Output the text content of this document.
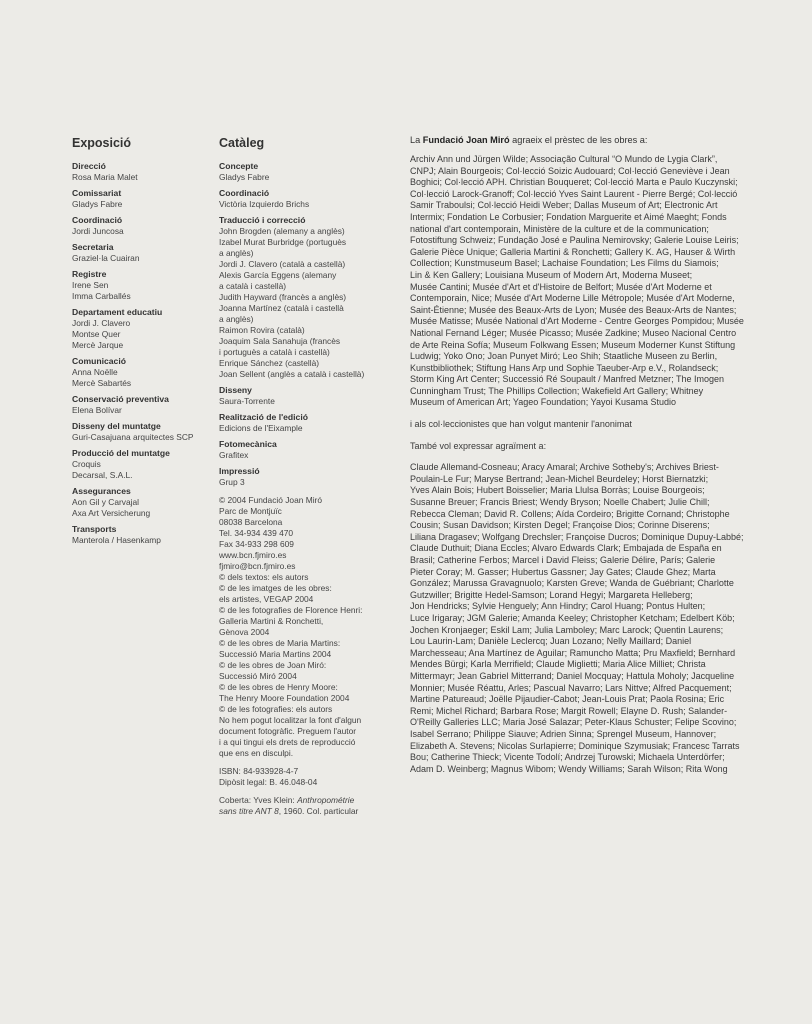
Exposició
Direcció
Rosa Maria Malet
Comissariat
Gladys Fabre
Coordinació
Jordi Juncosa
Secretaria
Graziel·la Cuairan
Registre
Irene Sen
Imma Carballés
Departament educatiu
Jordi J. Clavero
Montse Quer
Mercè Jarque
Comunicació
Anna Noëlle
Mercè Sabartés
Conservació preventiva
Elena Bolívar
Disseny del muntatge
Guri-Casajuana arquitectes SCP
Producció del muntatge
Croquis
Decarsal, S.A.L.
Assegurances
Aon Gil y Carvajal
Axa Art Versicherung
Transports
Manterola / Hasenkamp
Catàleg
Concepte
Gladys Fabre
Coordinació
Victòria Izquierdo Brichs
Traducció i correcció
John Brogden (alemany a anglès)
Izabel Murat Burbridge (portuguès
a anglès)
Jordi J. Clavero (català a castellà)
Alexis García Eggens (alemany
a català i castellà)
Judith Hayward (francès a anglès)
Joanna Martínez (català i castellà
a anglès)
Raimon Rovira (català)
Joaquim Sala Sanahuja (francès
i portuguès a català i castellà)
Enrique Sánchez (castellà)
Joan Sellent (anglès a català i castellà)
Disseny
Saura-Torrente
Realització de l'edició
Edicions de l'Eixample
Fotomecànica
Grafitex
Impressió
Grup 3
© 2004 Fundació Joan Miró
Parc de Montjuïc
08038 Barcelona
Tel. 34-934 439 470
Fax 34-933 298 609
www.bcn.fjmiro.es
fjmiro@bcn.fjmiro.es
© dels textos: els autors
© de les imatges de les obres:
els artistes, VEGAP 2004
© de les fotografies de Florence Henri:
Galleria Martini & Ronchetti,
Gènova 2004
© de les obres de Maria Martins:
Successió Maria Martins 2004
© de les obres de Joan Miró:
Successió Miró 2004
© de les obres de Henry Moore:
The Henry Moore Foundation 2004
© de les fotografies: els autors
No hem pogut localitzar la font d'algun
document fotogràfic. Preguem l'autor
i a qui tingui els drets de reproducció
que ens en disculpi.
ISBN: 84-933928-4-7
Dipòsit legal: B. 46.048-04
Coberta: Yves Klein: Anthropométrie
sans titre ANT 8, 1960. Col. particular
La Fundació Joan Miró agraeix el prèstec de les obres a:
Archiv Ann und Jürgen Wilde; Associação Cultural “O Mundo de Lygia Clark”,
CNPJ; Alain Bourgeois; Col·lecció Soizic Audouard; Col·lecció Geneviève i Jean
Boghici; Col·lecció APH. Christian Bouqueret; Col·lecció Marta e Paulo Kuczynski;
Col·lecció Larock-Granoff; Col·lecció Yves Saint Laurent - Pierre Bergé; Col·lecció
Samir Traboulsi; Col·lecció Heidi Weber; Dallas Museum of Art; Electronic Art
Intermix; Fondation Le Corbusier; Fondation Marguerite et Aimé Maeght; Fonds
national d'art contemporain, Ministère de la culture et de la communication;
Fotostiftung Schweiz; Fundação José e Paulina Nemirovsky; Galerie Louise Leiris;
Galerie Pièce Unique; Galleria Martini & Ronchetti; Gallery K. AG, Hauser & Wirth
Collection; Kunstmuseum Basel; Lachaise Foundation; Les Films du Siamois;
Lin & Ken Gallery; Louisiana Museum of Modern Art, Moderna Museet;
Musée Cantini; Musée d'Art et d'Histoire de Belfort; Musée d'Art Moderne et
Contemporain, Nice; Musée d'Art Moderne Lille Métropole; Musée d'Art Moderne,
Saint-Étienne; Musée des Beaux-Arts de Lyon; Musée des Beaux-Arts de Nantes;
Musée Matisse; Musée National d'Art Moderne - Centre Georges Pompidou; Musée
National Fernand Léger; Musée Picasso; Musée Zadkine; Museo Nacional Centro
de Arte Reina Sofía; Museum Folkwang Essen; Museum Moderner Kunst Stiftung
Ludwig; Yoko Ono; Joan Punyet Miró; Leo Shih; Staatliche Museen zu Berlin,
Kunstbibliothek; Stiftung Hans Arp und Sophie Taeuber-Arp e.V., Rolandseck;
Storm King Art Center; Successió Ré Soupault / Manfred Metzner; The Imogen
Cunningham Trust; The Phillips Collection; Wakefield Art Gallery; Whitney
Museum of American Art; Yageo Foundation; Yayoi Kusama Studio

i als col·leccionistes que han volgut mantenir l'anonimat

També vol expressar agraïment a:

Claude Allemand-Cosneau; Aracy Amaral; Archive Sotheby's; Archives Briest-
Poulain-Le Fur; Maryse Bertrand; Jean-Michel Beurdeley; Horst Biernatzki;
Yves Alain Bois; Hubert Boisselier; Maria Llulsa Borràs; Louise Bourgeois;
Susanne Breuer; Francis Briest; Wendy Bryson; Noelle Chabert; Julie Chill;
Rebecca Cleman; David R. Collens; Aída Cordeiro; Brigitte Cornand; Christophe
Cousin; Susan Davidson; Kirsten Degel; Françoise Dios; Corinne Diserens;
Liliana Dragasev; Wolfgang Drechsler; Françoise Ducros; Dominique Dupuy-Labbé;
Claude Duthuit; Diana Eccles; Alvaro Edwards Clark; Embajada de España en
Brasil; Catherine Ferbos; Marcel i David Fleiss; Galerie Délire, París; Galerie
Pieter Coray; M. Gasser; Hubertus Gassner; Jay Gates; Claude Ghez; Marta
González; Marussa Gravagnuolo; Karsten Greve; Wanda de Guébriant; Charlotte
Gutzwiller; Brigitte Hedel-Samson; Lorand Hegyi; Margareta Helleberg;
Jon Hendricks; Sylvie Henguely; Ann Hindry; Carol Huang; Pontus Hulten;
Luce Irigaray; JGM Galerie; Amanda Keeley; Christopher Ketcham; Edelbert Köb;
Jochen Kronjaeger; Eskil Lam; Julia Lamboley; Marc Larock; Quentin Laurens;
Lou Laurin-Lam; Danièle Leclercq; Juan Lozano; Nelly Maillard; Daniel
Marchesseau; Ana Martínez de Aguilar; Ramuncho Matta; Pru Maxfield; Bernhard
Mendes Bürgi; Karla Merrifield; Claude Miglietti; Maria Alice Milliet; Christa
Mittermayr; Jean Gabriel Mitterrand; Daniel Mocquay; Hattula Moholy; Jacqueline
Monnier; Musée Réattu, Arles; Pascual Navarro; Lars Nittve; Alfred Pacquement;
Martine Patureaud; Joëlle Pijaudier-Cabot; Jean-Louis Prat; Paola Rosina; Eric
Remi; Michel Richard; Barbara Rose; Margit Rowell; Elayne D. Rush; Salander-
O'Reilly Galleries LLC; Maria José Salazar; Peter-Klaus Schuster; Felipe Scovino;
Isabel Serrano; Philippe Siauve; Adrien Sinna; Sprengel Museum, Hannover;
Elizabeth A. Stevens; Nicolas Surlapierre; Dominique Szymusiak; Francesc Tarrats
Bou; Catherine Thieck; Vicente Todolí; Andrzej Turowski; Michaela Unterdörfer;
Adam D. Weinberg; Magnus Wibom; Wendy Williams; Sarah Wilson; Rita Wong
